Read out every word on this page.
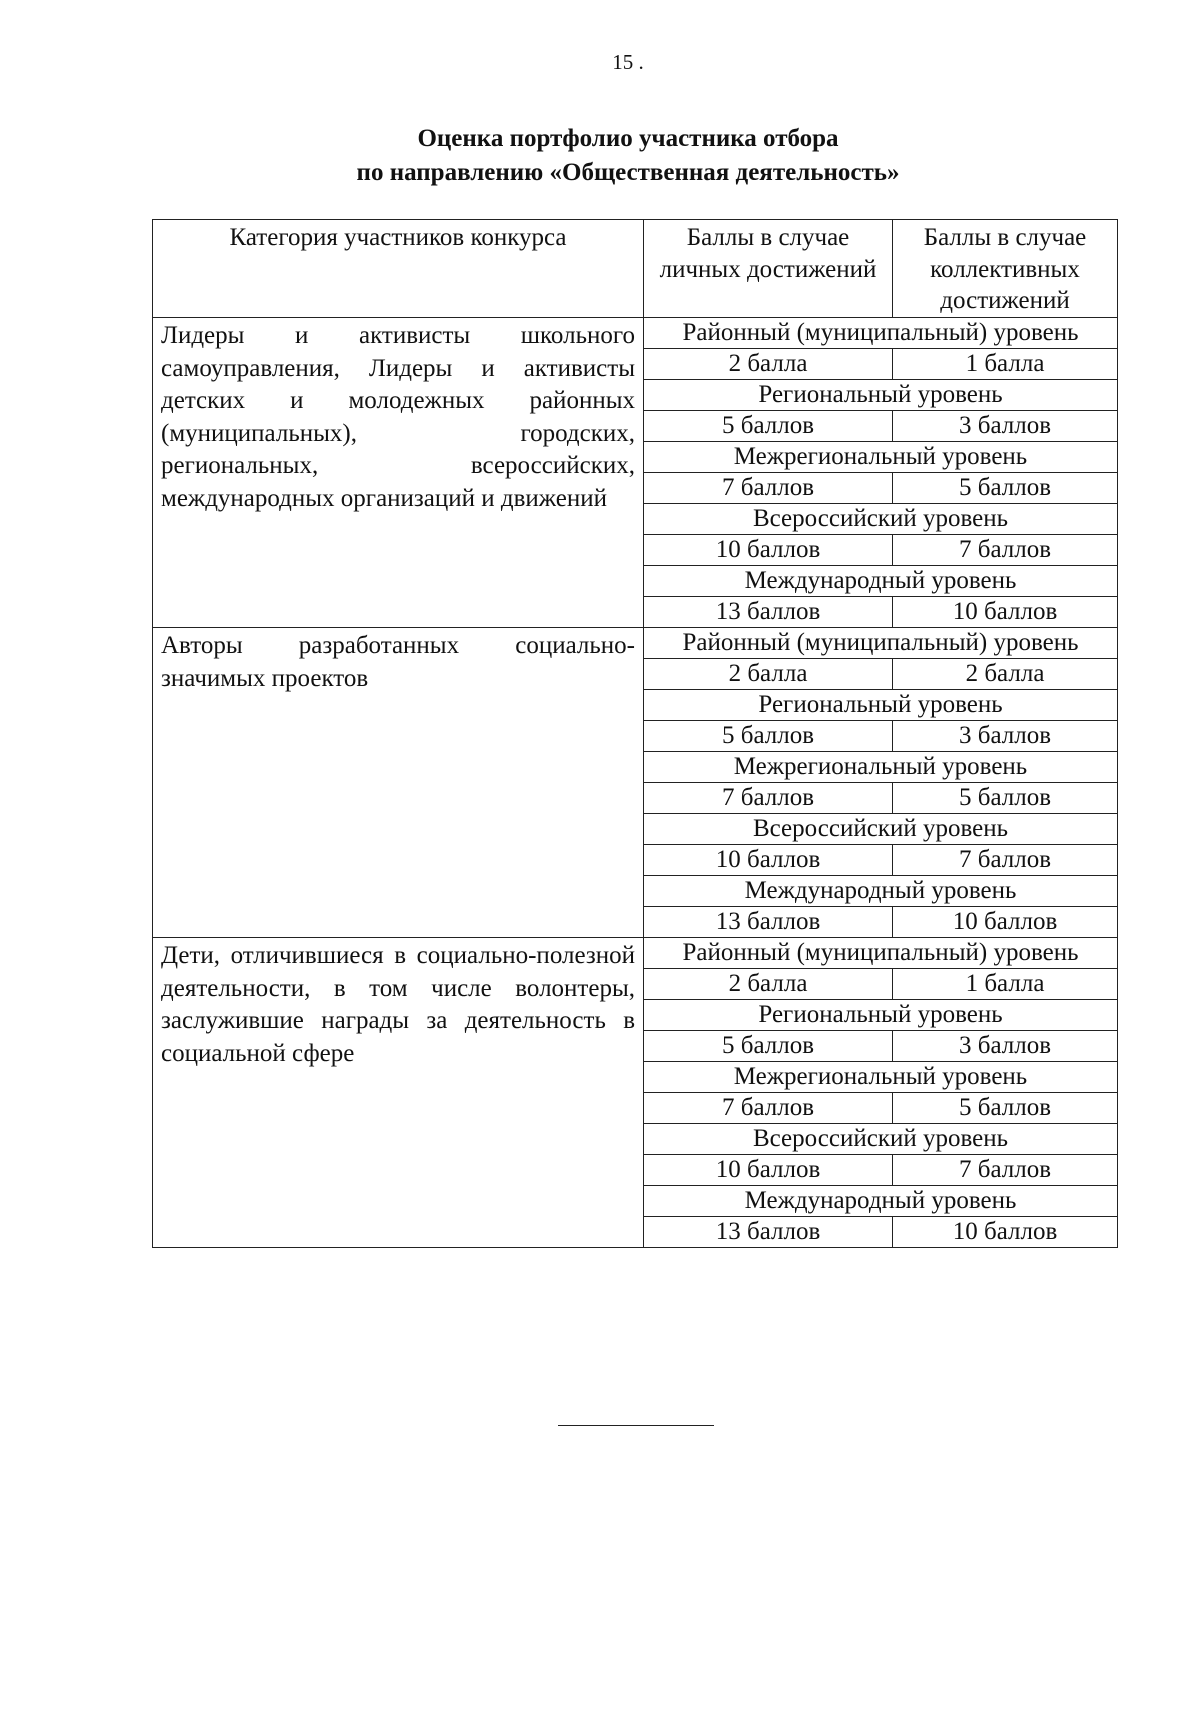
15 .
Оценка портфолио участника отбора
по направлению «Общественная деятельность»
Категория участников конкурса	Баллы в случае личных достижений	Баллы в случае коллективных достижений
Лидеры и активисты школьного самоуправления, Лидеры и активисты детских и молодежных районных (муниципальных), городских, региональных, всероссийских, международных организаций и движений	Районный (муниципальный) уровень	
	2 балла	1 балла
	Региональный уровень	
	5 баллов	3 баллов
	Межрегиональный уровень	
	7 баллов	5 баллов
	Всероссийский уровень	
	10 баллов	7 баллов
	Международный уровень	
	13 баллов	10 баллов
Авторы разработанных социально-значимых проектов	Районный (муниципальный) уровень	
	2 балла	2 балла
	Региональный уровень	
	5 баллов	3 баллов
	Межрегиональный уровень	
	7 баллов	5 баллов
	Всероссийский уровень	
	10 баллов	7 баллов
	Международный уровень	
	13 баллов	10 баллов
Дети, отличившиеся в социально-полезной деятельности, в том числе волонтеры, заслужившие награды за деятельность в социальной сфере	Районный (муниципальный) уровень	
	2 балла	1 балла
	Региональный уровень	
	5 баллов	3 баллов
	Межрегиональный уровень	
	7 баллов	5 баллов
	Всероссийский уровень	
	10 баллов	7 баллов
	Международный уровень	
	13 баллов	10 баллов
